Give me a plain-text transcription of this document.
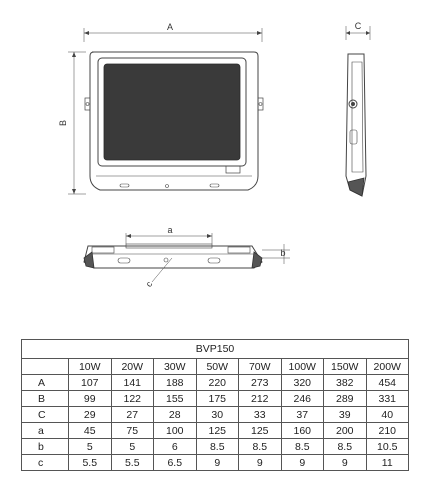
A
B
C
a
b
c
BVP150								
	10W	20W	30W	50W	70W	100W	150W	200W
A	107	141	188	220	273	320	382	454
B	99	122	155	175	212	246	289	331
C	29	27	28	30	33	37	39	40
a	45	75	100	125	125	160	200	210
b	5	5	6	8.5	8.5	8.5	8.5	10.5
c	5.5	5.5	6.5	9	9	9	9	11
